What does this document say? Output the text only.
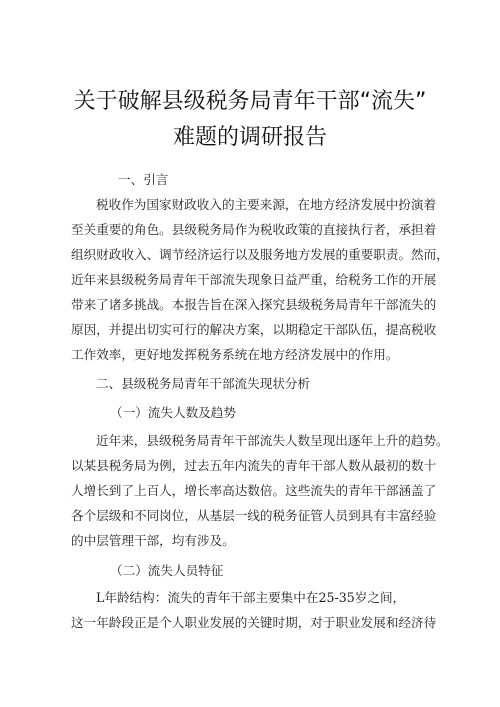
关于破解县级税务局青年干部“流失”
难题的调研报告
一、引言
税收作为国家财政收入的主要来源，在地方经济发展中扮演着
至关重要的角色。县级税务局作为税收政策的直接执行者，承担着
组织财政收入、调节经济运行以及服务地方发展的重要职责。然而，
近年来县级税务局青年干部流失现象日益严重，给税务工作的开展
带来了诸多挑战。本报告旨在深入探究县级税务局青年干部流失的
原因，并提出切实可行的解决方案，以期稳定干部队伍，提高税收
工作效率，更好地发挥税务系统在地方经济发展中的作用。
二、县级税务局青年干部流失现状分析
（一）流失人数及趋势
近年来，县级税务局青年干部流失人数呈现出逐年上升的趋势。
以某县税务局为例，过去五年内流失的青年干部人数从最初的数十
人增长到了上百人，增长率高达数倍。这些流失的青年干部涵盖了
各个层级和不同岗位，从基层一线的税务征管人员到具有丰富经验
的中层管理干部，均有涉及。
（二）流失人员特征
L年龄结构：流失的青年干部主要集中在25-35岁之间，
这一年龄段正是个人职业发展的关键时期，对于职业发展和经济待
